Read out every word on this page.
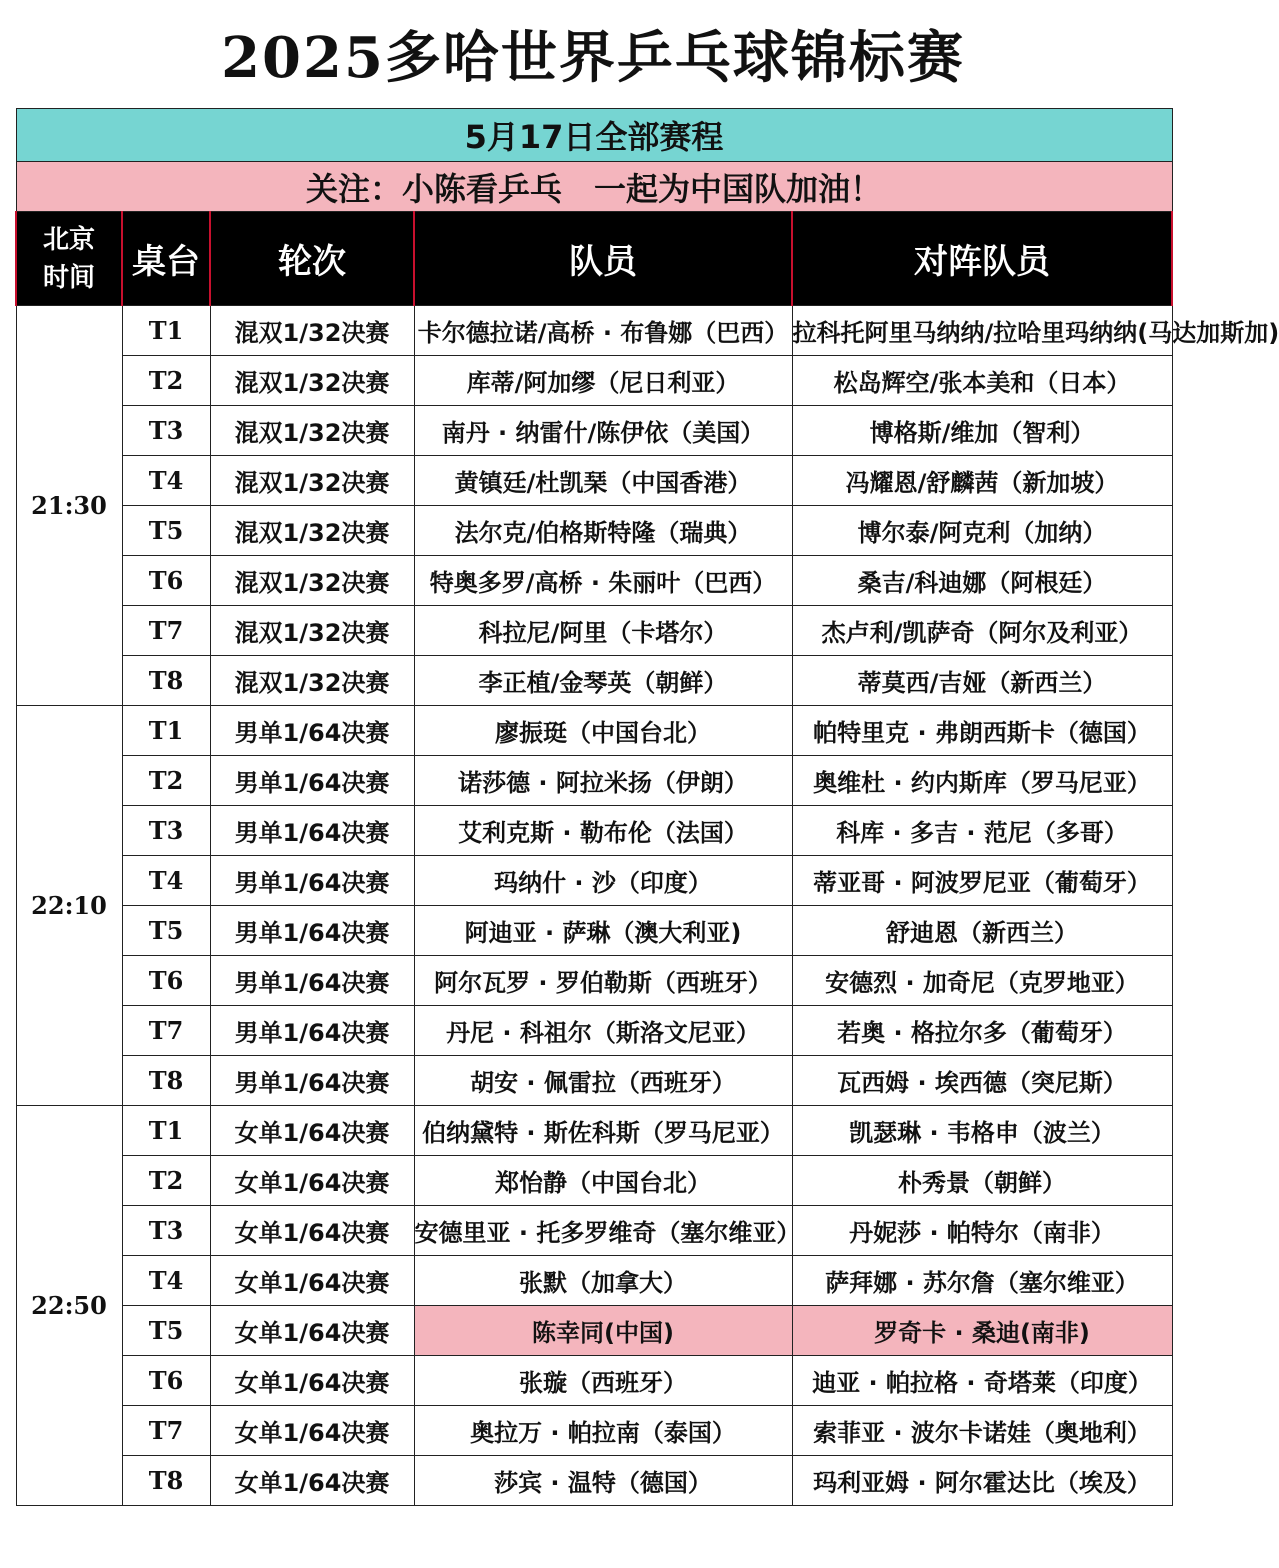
2025多哈世界乒乓球锦标赛
5月17日全部赛程				
关注：小陈看乒乓　一起为中国队加油！				

北京
时间	桌台	轮次	队员	对阵队员
21:30	T1	混双1/32决赛	卡尔德拉诺/高桥 · 布鲁娜（巴西）	拉科托阿里马纳纳/拉哈里玛纳纳(马达加斯加)
	T2	混双1/32决赛	库蒂/阿加缪（尼日利亚）	松岛辉空/张本美和（日本）
	T3	混双1/32决赛	南丹 · 纳雷什/陈伊依（美国）	博格斯/维加（智利）
	T4	混双1/32决赛	黄镇廷/杜凯琹（中国香港）	冯耀恩/舒麟茜（新加坡）
	T5	混双1/32决赛	法尔克/伯格斯特隆（瑞典）	博尔泰/阿克利（加纳）
	T6	混双1/32决赛	特奥多罗/高桥 · 朱丽叶（巴西）	桑吉/科迪娜（阿根廷）
	T7	混双1/32决赛	科拉尼/阿里（卡塔尔）	杰卢利/凯萨奇（阿尔及利亚）
	T8	混双1/32决赛	李正植/金琴英（朝鲜）	蒂莫西/吉娅（新西兰）
22:10	T1	男单1/64决赛	廖振珽（中国台北）	帕特里克 · 弗朗西斯卡（德国）
	T2	男单1/64决赛	诺莎德 · 阿拉米扬（伊朗）	奥维杜 · 约内斯库（罗马尼亚）
	T3	男单1/64决赛	艾利克斯 · 勒布伦（法国）	科库 · 多吉 · 范尼（多哥）
	T4	男单1/64决赛	玛纳什 · 沙（印度）	蒂亚哥 · 阿波罗尼亚（葡萄牙）
	T5	男单1/64决赛	阿迪亚 · 萨琳（澳大利亚)	舒迪恩（新西兰）
	T6	男单1/64决赛	阿尔瓦罗 · 罗伯勒斯（西班牙）	安德烈 · 加奇尼（克罗地亚）
	T7	男单1/64决赛	丹尼 · 科祖尔（斯洛文尼亚）	若奥 · 格拉尔多（葡萄牙）
	T8	男单1/64决赛	胡安 · 佩雷拉（西班牙）	瓦西姆 · 埃西德（突尼斯）
22:50	T1	女单1/64决赛	伯纳黛特 · 斯佐科斯（罗马尼亚）	凯瑟琳 · 韦格申（波兰）
	T2	女单1/64决赛	郑怡静（中国台北）	朴秀景（朝鲜）
	T3	女单1/64决赛	安德里亚 · 托多罗维奇（塞尔维亚）	丹妮莎 · 帕特尔（南非）
	T4	女单1/64决赛	张默（加拿大）	萨拜娜 · 苏尔詹（塞尔维亚）
	T5	女单1/64决赛	陈幸同(中国)	罗奇卡 · 桑迪(南非)
	T6	女单1/64决赛	张璇（西班牙）	迪亚 · 帕拉格 · 奇塔莱（印度）
	T7	女单1/64决赛	奥拉万 · 帕拉南（泰国）	索菲亚 · 波尔卡诺娃（奥地利）
	T8	女单1/64决赛	莎宾 · 温特（德国）	玛利亚姆 · 阿尔霍达比（埃及）
